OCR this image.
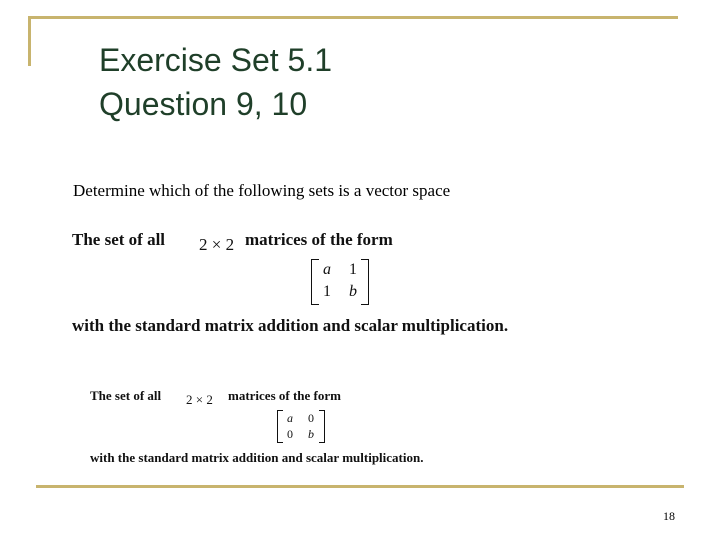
Exercise Set 5.1
Question 9, 10
Determine which of the following sets is a vector space
The set of all 2 × 2 matrices of the form
a	1
1	b
with the standard matrix addition and scalar multiplication.
The set of all 2 × 2 matrices of the form
a	0
0	b
with the standard matrix addition and scalar multiplication.
18
